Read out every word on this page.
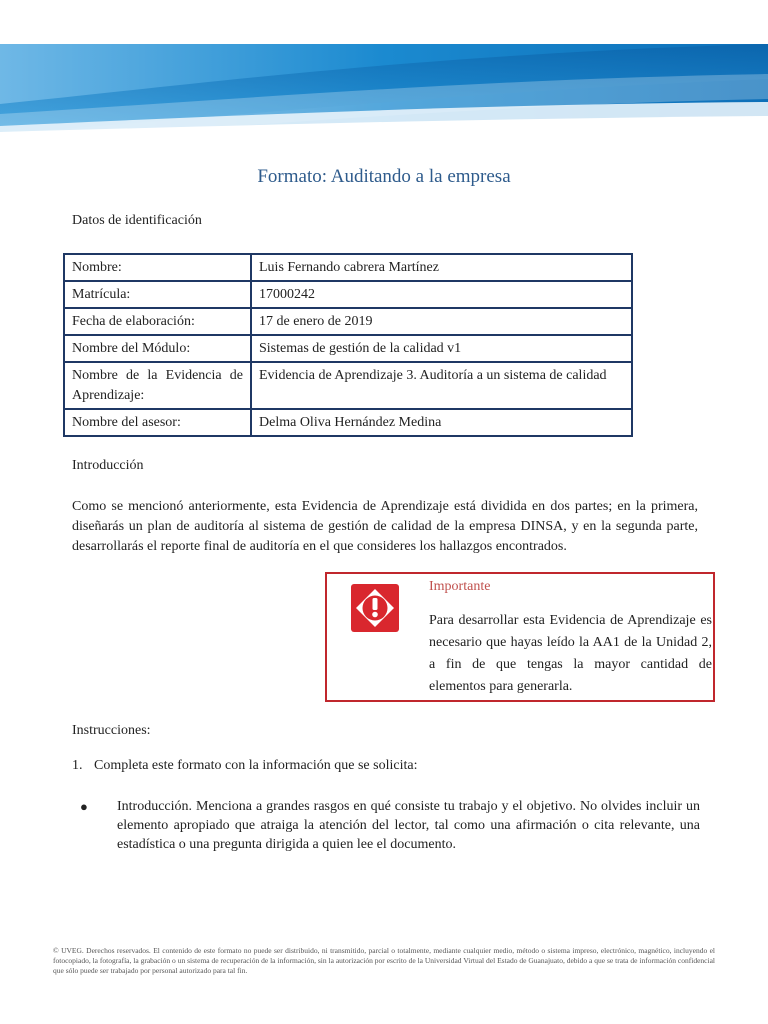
Formato: Auditando a la empresa
Datos de identificación
Nombre:	Luis Fernando cabrera Martínez
Matrícula:	17000242
Fecha de elaboración:	17 de enero de 2019
Nombre del Módulo:	Sistemas de gestión de la calidad v1
Nombre de la Evidencia de Aprendizaje:	Evidencia de Aprendizaje 3. Auditoría a un sistema de calidad
Nombre del asesor:	Delma Oliva Hernández Medina
Introducción

Como se mencionó anteriormente, esta Evidencia de Aprendizaje está dividida en dos partes; en la primera, diseñarás un plan de auditoría al sistema de gestión de calidad de la empresa DINSA, y en la segunda parte, desarrollarás el reporte final de auditoría en el que consideres los hallazgos encontrados.

Importante

Para desarrollar esta Evidencia de Aprendizaje es necesario que hayas leído la AA1 de la Unidad 2, a fin de que tengas la mayor cantidad de elementos para generarla.

Instrucciones:
1. Completa este formato con la información que se solicita:
● Introducción. Menciona a grandes rasgos en qué consiste tu trabajo y el objetivo. No olvides incluir un elemento apropiado que atraiga la atención del lector, tal como una afirmación o cita relevante, una estadística o una pregunta dirigida a quien lee el documento.

© UVEG. Derechos reservados. El contenido de este formato no puede ser distribuido, ni transmitido, parcial o totalmente, mediante cualquier medio, método o sistema impreso, electrónico, magnético, incluyendo el fotocopiado, la fotografía, la grabación o un sistema de recuperación de la información, sin la autorización por escrito de la Universidad Virtual del Estado de Guanajuato, debido a que se trata de información confidencial que sólo puede ser trabajado por personal autorizado para tal fin.
